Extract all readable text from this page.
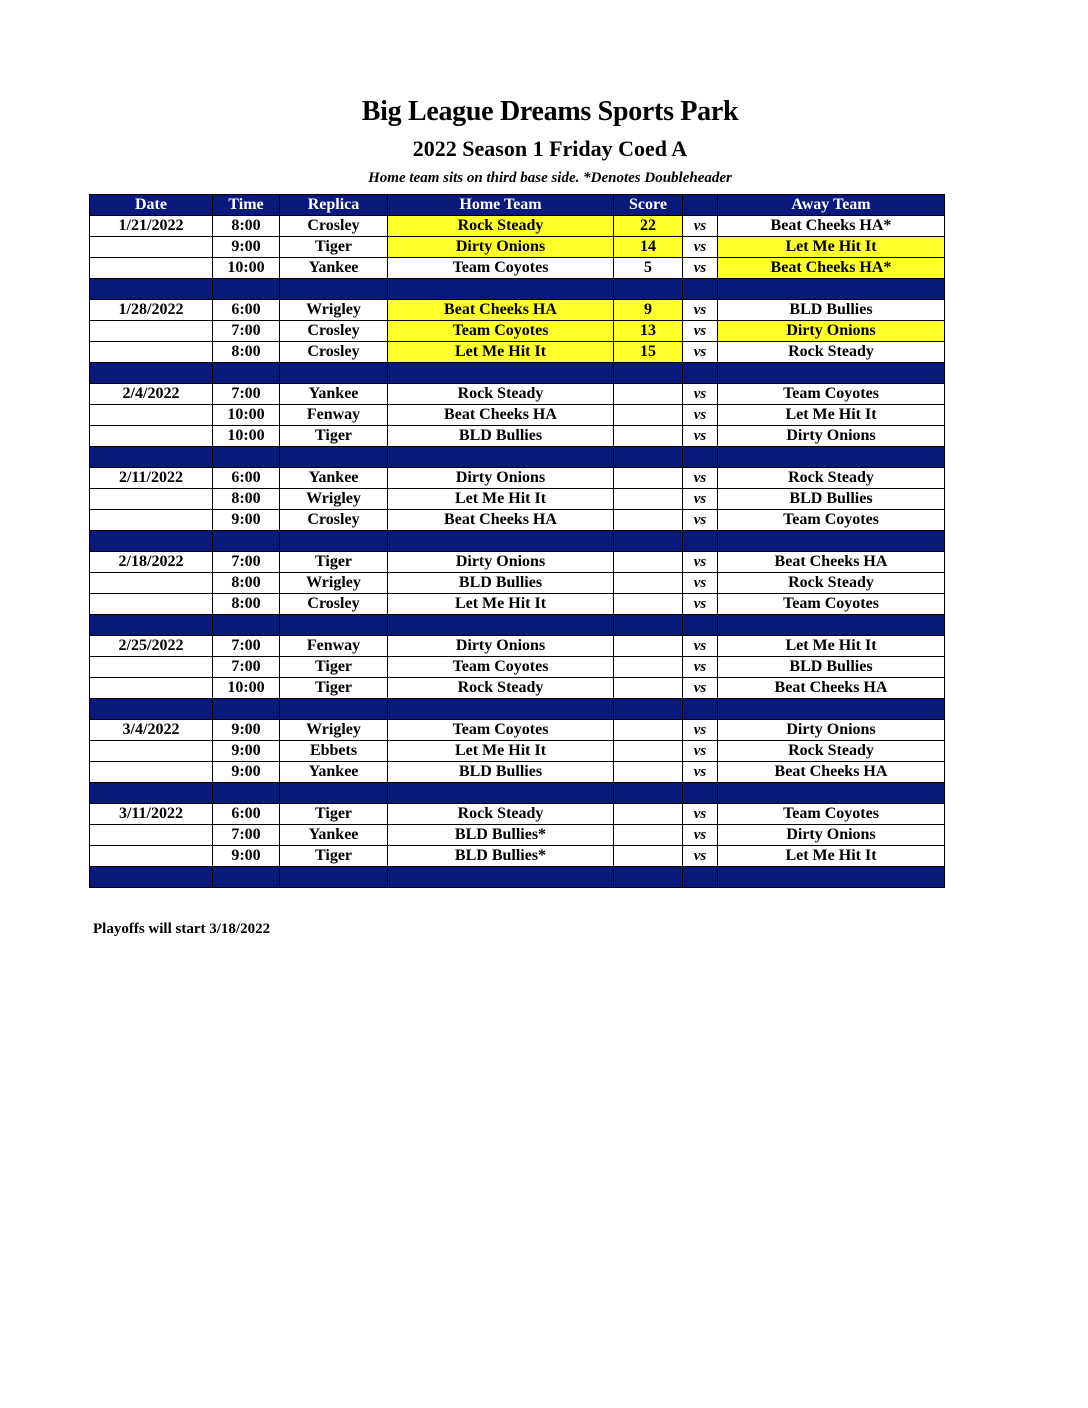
Big League Dreams Sports Park
2022 Season 1 Friday Coed A
Home team sits on third base side. *Denotes Doubleheader
Date	Time	Replica	Home Team	Score		Away Team
1/21/2022	8:00	Crosley	Rock Steady	22	vs	Beat Cheeks HA*
	9:00	Tiger	Dirty Onions	14	vs	Let Me Hit It
	10:00	Yankee	Team Coyotes	5	vs	Beat Cheeks HA*

1/28/2022	6:00	Wrigley	Beat Cheeks HA	9	vs	BLD Bullies
	7:00	Crosley	Team Coyotes	13	vs	Dirty Onions
	8:00	Crosley	Let Me Hit It	15	vs	Rock Steady

2/4/2022	7:00	Yankee	Rock Steady		vs	Team Coyotes
	10:00	Fenway	Beat Cheeks HA		vs	Let Me Hit It
	10:00	Tiger	BLD Bullies		vs	Dirty Onions

2/11/2022	6:00	Yankee	Dirty Onions		vs	Rock Steady
	8:00	Wrigley	Let Me Hit It		vs	BLD Bullies
	9:00	Crosley	Beat Cheeks HA		vs	Team Coyotes

2/18/2022	7:00	Tiger	Dirty Onions		vs	Beat Cheeks HA
	8:00	Wrigley	BLD Bullies		vs	Rock Steady
	8:00	Crosley	Let Me Hit It		vs	Team Coyotes

2/25/2022	7:00	Fenway	Dirty Onions		vs	Let Me Hit It
	7:00	Tiger	Team Coyotes		vs	BLD Bullies
	10:00	Tiger	Rock Steady		vs	Beat Cheeks HA

3/4/2022	9:00	Wrigley	Team Coyotes		vs	Dirty Onions
	9:00	Ebbets	Let Me Hit It		vs	Rock Steady
	9:00	Yankee	BLD Bullies		vs	Beat Cheeks HA

3/11/2022	6:00	Tiger	Rock Steady		vs	Team Coyotes
	7:00	Yankee	BLD Bullies*		vs	Dirty Onions
	9:00	Tiger	BLD Bullies*		vs	Let Me Hit It

Playoffs will start 3/18/2022
